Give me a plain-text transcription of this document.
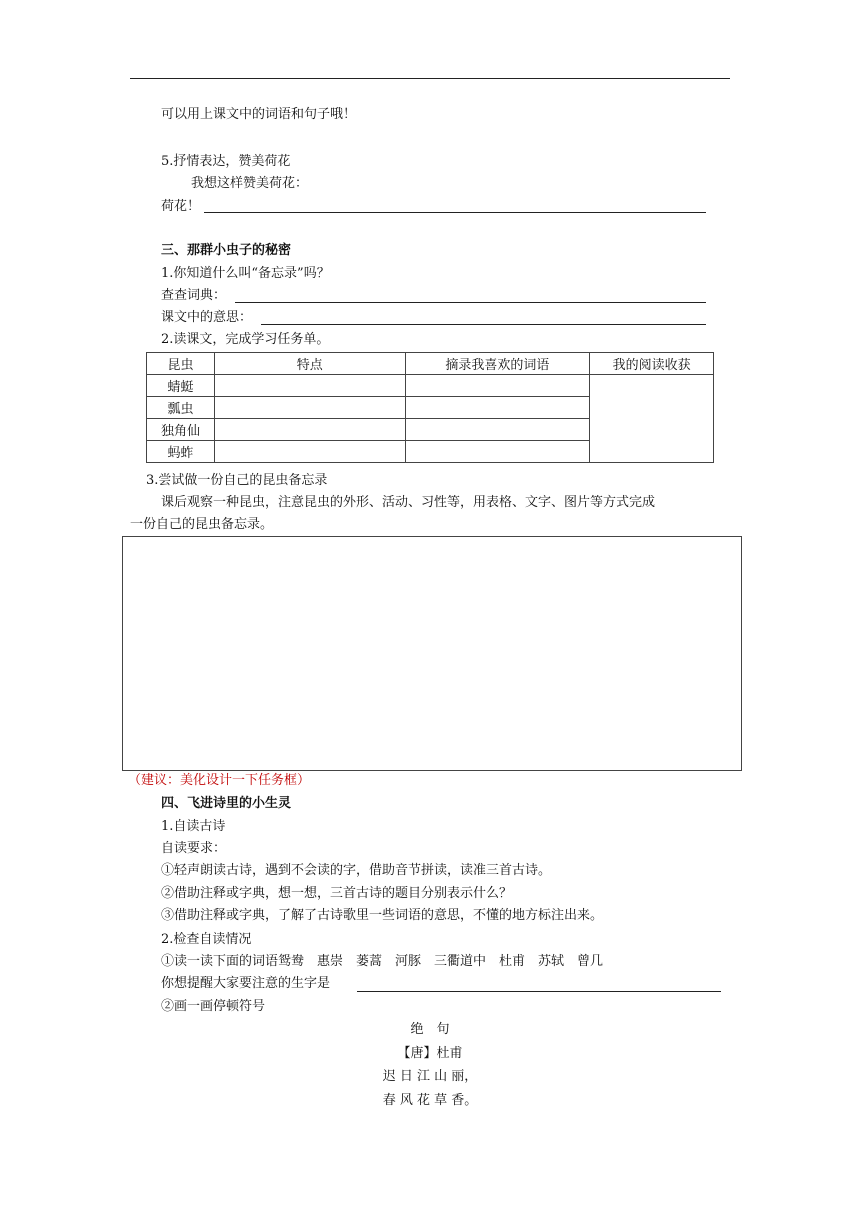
可以用上课文中的词语和句子哦！
5.抒情表达，赞美荷花
我想这样赞美荷花：
荷花！
三、那群小虫子的秘密
1.你知道什么叫“备忘录”吗？
查查词典：
课文中的意思：
2.读课文，完成学习任务单。
昆虫	特点	摘录我喜欢的词语	我的阅读收获
蜻蜓			
瓢虫			
独角仙			
蚂蚱			
3.尝试做一份自己的昆虫备忘录
课后观察一种昆虫，注意昆虫的外形、活动、习性等，用表格、文字、图片等方式完成
一份自己的昆虫备忘录。
（建议：美化设计一下任务框）
四、飞进诗里的小生灵
1.自读古诗
自读要求：
①轻声朗读古诗，遇到不会读的字，借助音节拼读，读准三首古诗。
②借助注释或字典，想一想，三首古诗的题目分别表示什么？
③借助注释或字典，了解了古诗歌里一些词语的意思，不懂的地方标注出来。
2.检查自读情况
①读一读下面的词语鸳鸯　惠崇　蒌蒿　河豚　三衢道中　杜甫　苏轼　曾几
你想提醒大家要注意的生字是
②画一画停顿符号
绝　句
【唐】杜甫
迟 日 江 山 丽，
春 风 花 草 香。
